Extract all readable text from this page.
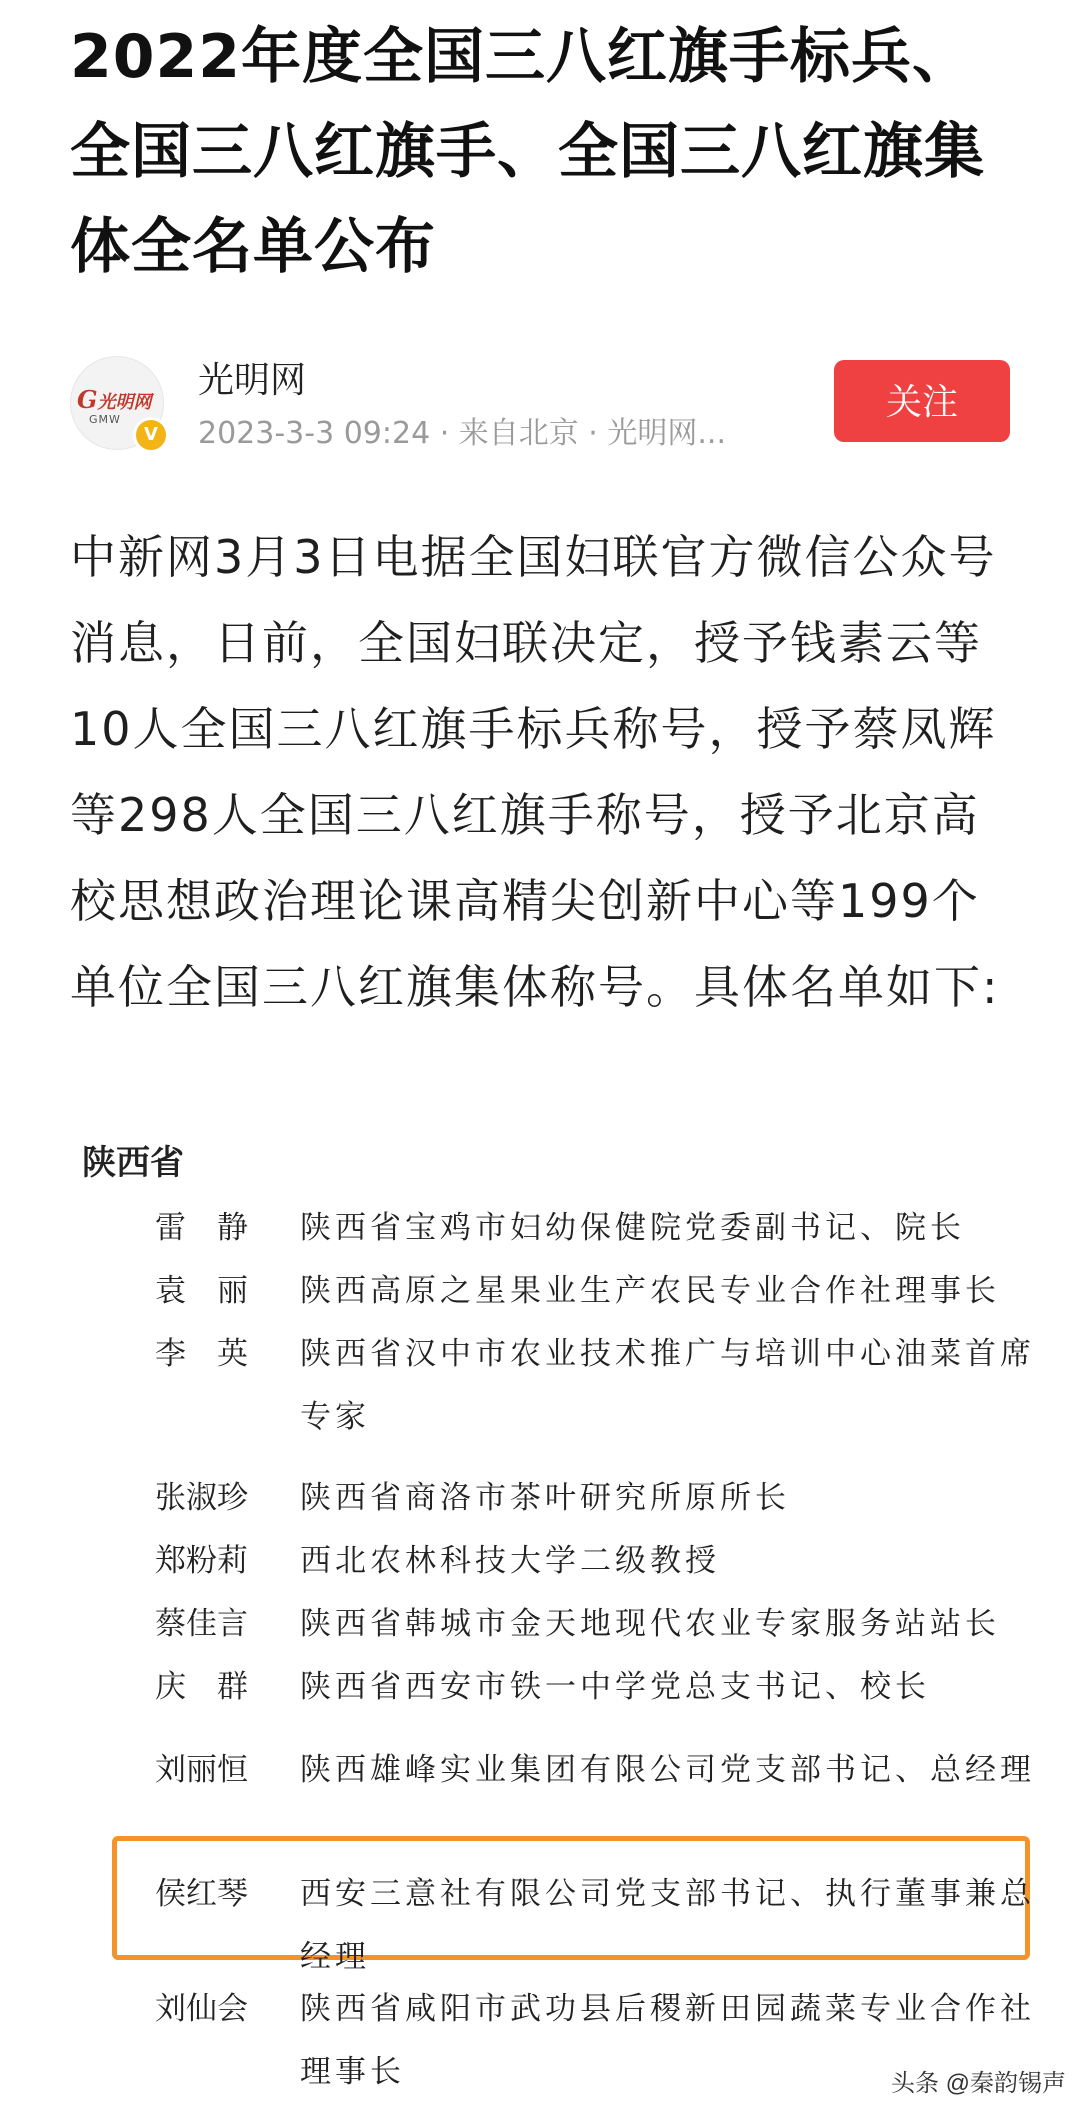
2022年度全国三八红旗手标兵、全国三八红旗手、全国三八红旗集体全名单公布
G光明网
GMW
V
光明网
2023-3-3 09:24 · 来自北京 · 光明网...
关注

中新网3月3日电据全国妇联官方微信公众号消息，日前，全国妇联决定，授予钱素云等10人全国三八红旗手标兵称号，授予蔡凤辉等298人全国三八红旗手称号，授予北京高校思想政治理论课高精尖创新中心等199个单位全国三八红旗集体称号。具体名单如下:

陕西省
雷　静	陕西省宝鸡市妇幼保健院党委副书记、院长
袁　丽	陕西高原之星果业生产农民专业合作社理事长
李　英	陕西省汉中市农业技术推广与培训中心油菜首席专家
张淑珍	陕西省商洛市茶叶研究所原所长
郑粉莉	西北农林科技大学二级教授
蔡佳言	陕西省韩城市金天地现代农业专家服务站站长
庆　群	陕西省西安市铁一中学党总支书记、校长
刘丽恒	陕西雄峰实业集团有限公司党支部书记、总经理
侯红琴	西安三意社有限公司党支部书记、执行董事兼总经理
刘仙会	陕西省咸阳市武功县后稷新田园蔬菜专业合作社理事长	头条 @秦韵锡声
